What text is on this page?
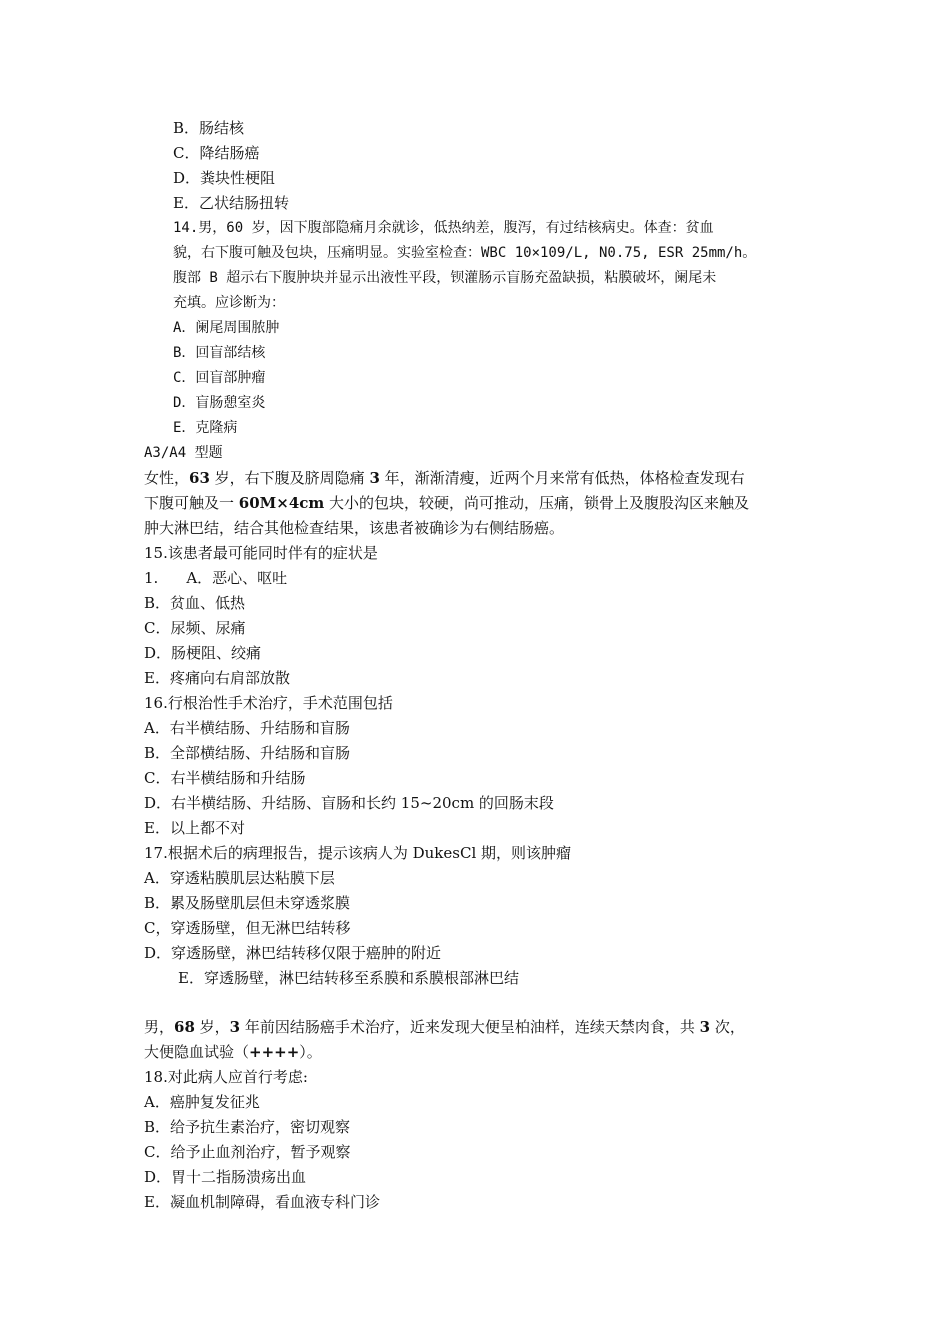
B．肠结核
C．降结肠癌
D．粪块性梗阻
E．乙状结肠扭转
14.男，60 岁，因下腹部隐痛月余就诊，低热纳差，腹泻，有过结核病史。体查：贫血
貌，右下腹可触及包块，压痛明显。实验室检查：WBC 10×109/L, N0.75, ESR 25mm/h。
腹部 B 超示右下腹肿块并显示出液性平段，钡灌肠示盲肠充盈缺损，粘膜破坏，阑尾未
充填。应诊断为：
A．阑尾周围脓肿
B．回盲部结核
C．回盲部肿瘤
D．盲肠憩室炎
E．克隆病
A3/A4 型题
女性，63 岁，右下腹及脐周隐痛 3 年，渐渐清瘦，近两个月来常有低热，体格检查发现右
下腹可触及一 60M×4cm 大小的包块，较硬，尚可推动，压痛，锁骨上及腹股沟区来触及
肿大淋巴结，结合其他检查结果，该患者被确诊为右侧结肠癌。
15.该患者最可能同时伴有的症状是
1. A．恶心、呕吐
B．贫血、低热
C．尿频、尿痛
D．肠梗阻、绞痛
E．疼痛向右肩部放散
16.行根治性手术治疗，手术范围包括
A．右半横结肠、升结肠和盲肠
B．全部横结肠、升结肠和盲肠
C．右半横结肠和升结肠
D．右半横结肠、升结肠、盲肠和长约 15~20cm 的回肠末段
E．以上都不对
17.根据术后的病理报告，提示该病人为 DukesCl 期，则该肿瘤
A．穿透粘膜肌层达粘膜下层
B．累及肠壁肌层但未穿透浆膜
C，穿透肠壁，但无淋巴结转移
D．穿透肠壁，淋巴结转移仅限于癌肿的附近
E．穿透肠壁，淋巴结转移至系膜和系膜根部淋巴结
男，68 岁，3 年前因结肠癌手术治疗，近来发现大便呈柏油样，连续天禁肉食，共 3 次，
大便隐血试验（++++）。
18.对此病人应首行考虑:
A．癌肿复发征兆
B．给予抗生素治疗，密切观察
C．给予止血剂治疗，暂予观察
D．胃十二指肠溃疡出血
E．凝血机制障碍，看血液专科门诊
